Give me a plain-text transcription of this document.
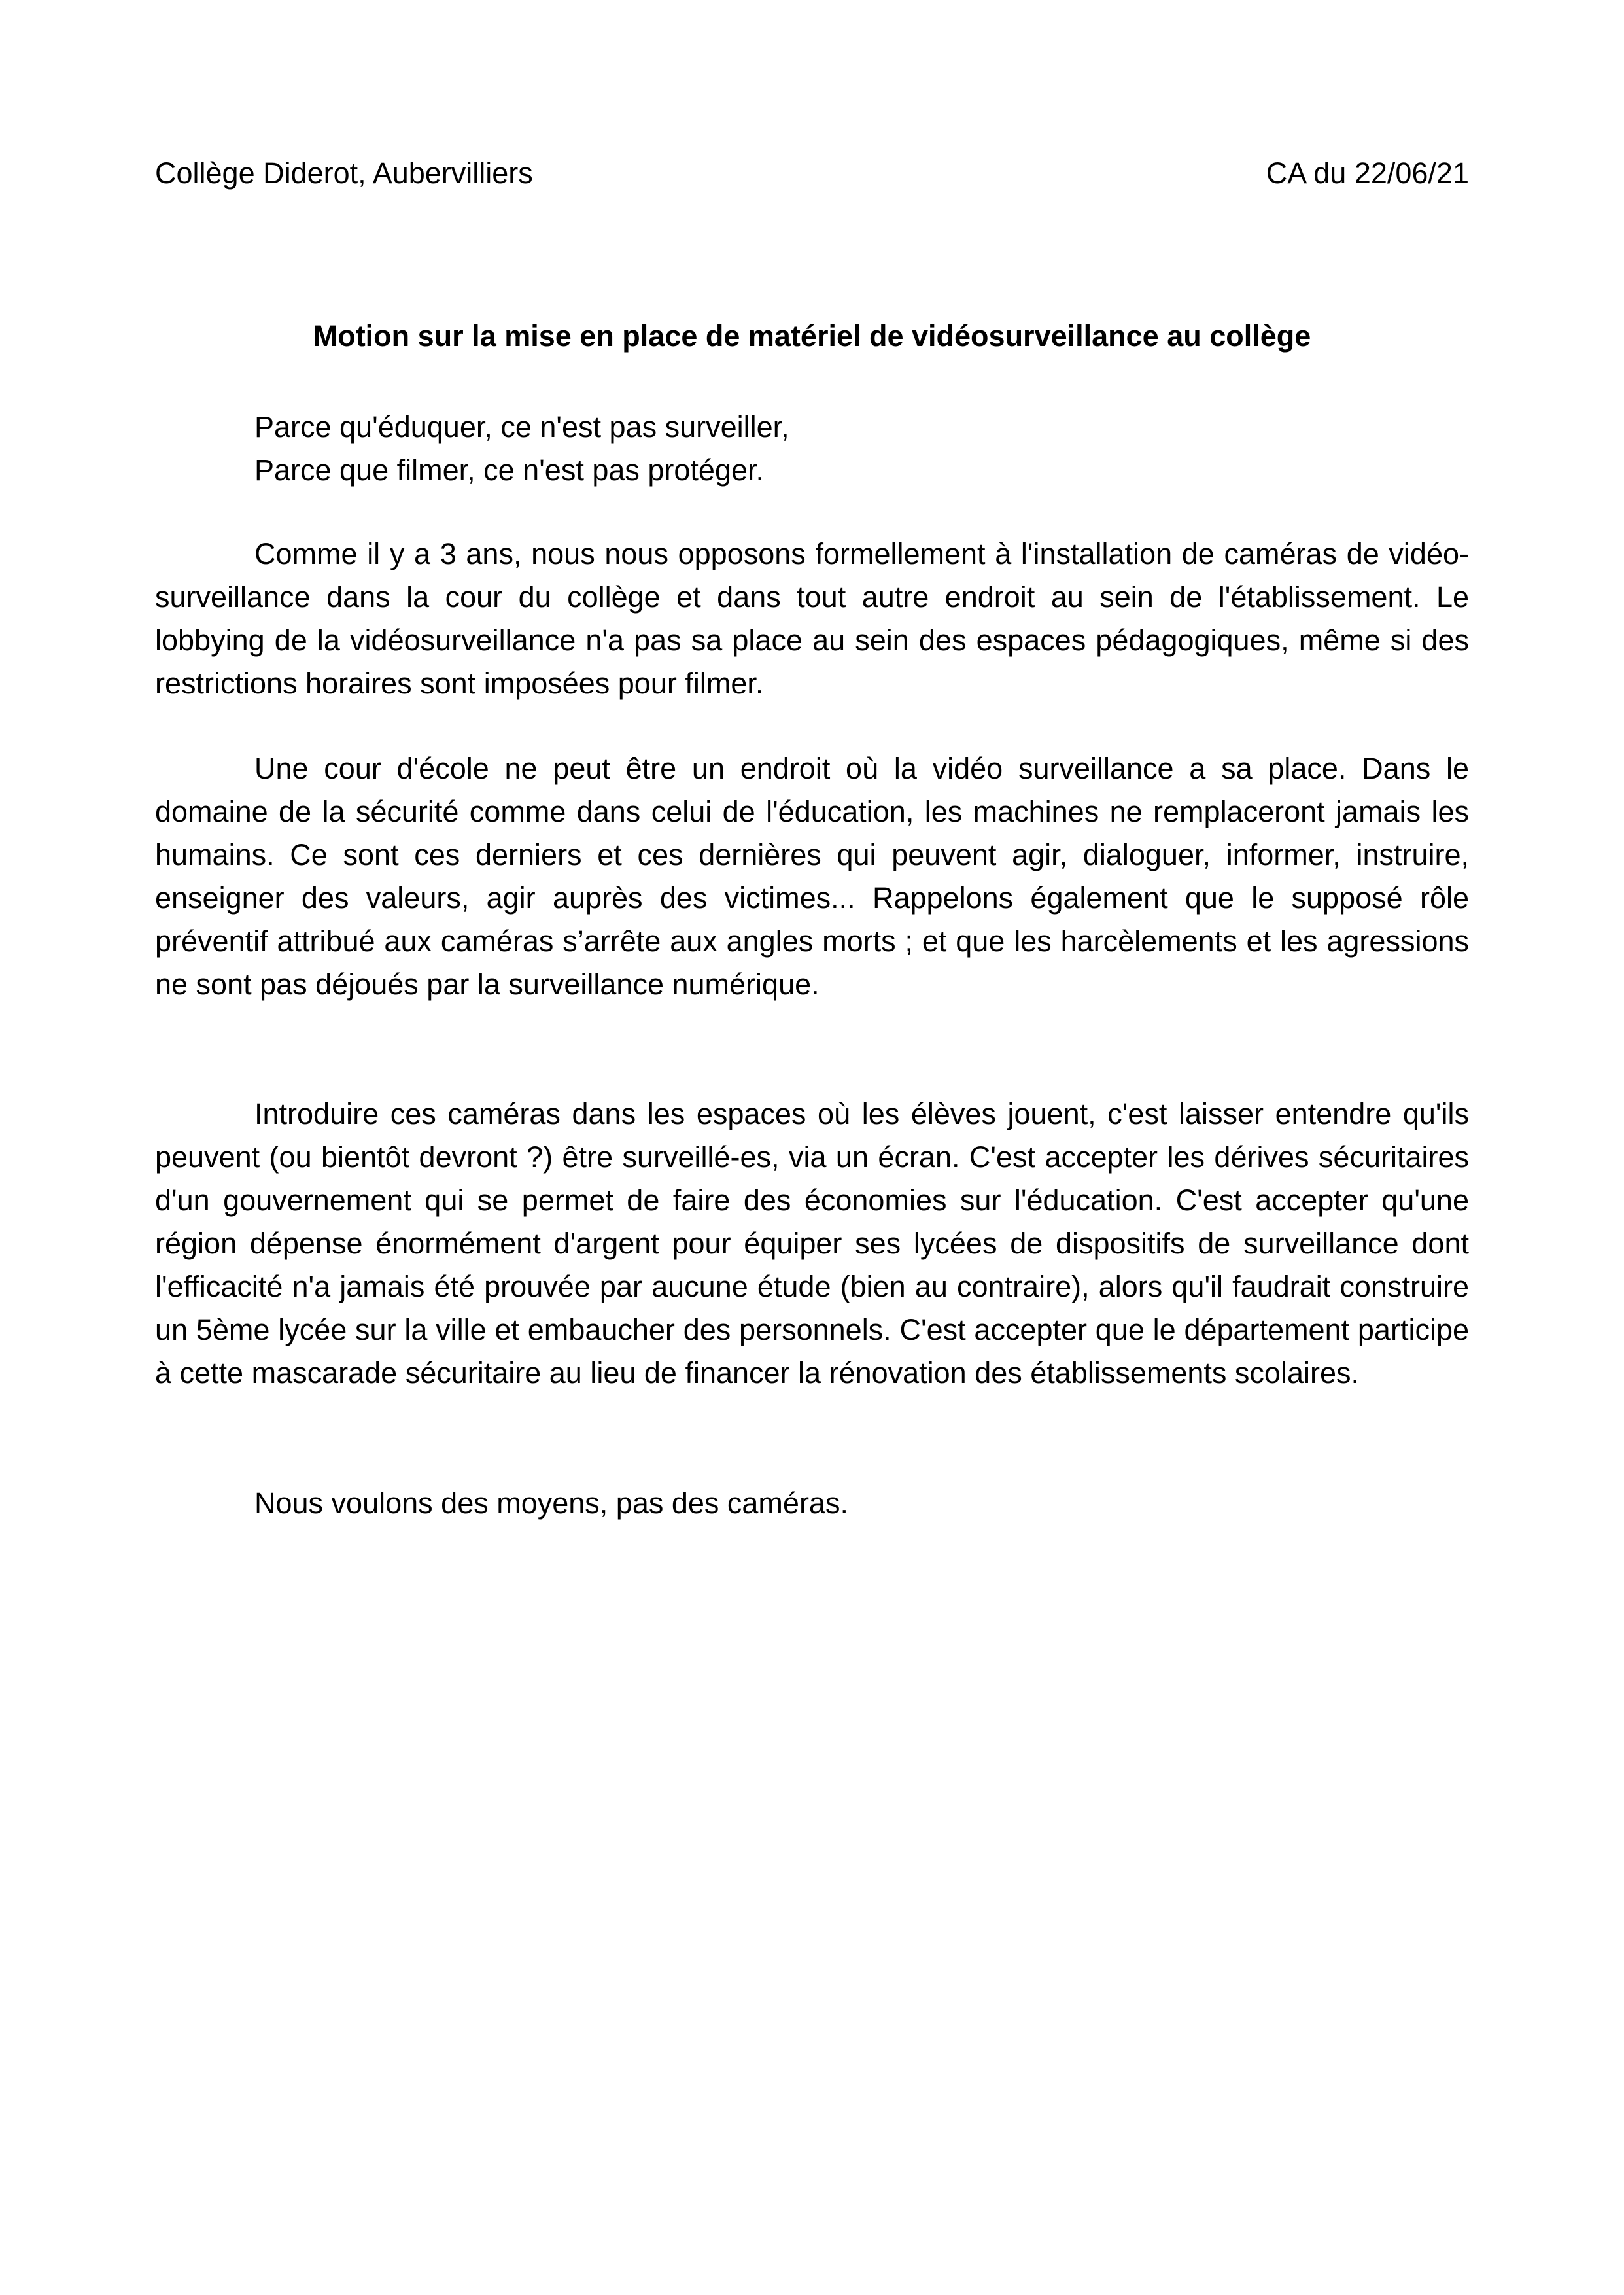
Collège Diderot, Aubervilliers	CA du 22/06/21
Motion sur la mise en place de matériel de vidéosurveillance au collège
Parce qu'éduquer, ce n'est pas surveiller,
Parce que filmer, ce n'est pas protéger.

Comme il y a 3 ans, nous nous opposons formellement à l'installation de caméras de vidéo-surveillance dans la cour du collège et dans tout autre endroit au sein de l'établissement. Le lobbying de la vidéosurveillance n'a pas sa place au sein des espaces pédagogiques, même si des restrictions horaires sont imposées pour filmer.

Une cour d'école ne peut être un endroit où la vidéo surveillance a sa place. Dans le domaine de la sécurité comme dans celui de l'éducation, les machines ne remplaceront jamais les humains. Ce sont ces derniers et ces dernières qui peuvent agir, dialoguer, informer, instruire, enseigner des valeurs, agir auprès des victimes... Rappelons également que le supposé rôle préventif attribué aux caméras s’arrête aux angles morts ; et que les harcèlements et les agressions ne sont pas déjoués par la surveillance numérique.

Introduire ces caméras dans les espaces où les élèves jouent, c'est laisser entendre qu'ils peuvent (ou bientôt devront ?) être surveillé-es, via un écran. C'est accepter les dérives sécuritaires d'un gouvernement qui se permet de faire des économies sur l'éducation. C'est accepter qu'une région dépense énormément d'argent pour équiper ses lycées de dispositifs de surveillance dont l'efficacité n'a jamais été prouvée par aucune étude (bien au contraire), alors qu'il faudrait construire un 5ème lycée sur la ville et embaucher des personnels. C'est accepter que le département participe à cette mascarade sécuritaire au lieu de financer la rénovation des établissements scolaires.

Nous voulons des moyens, pas des caméras.
